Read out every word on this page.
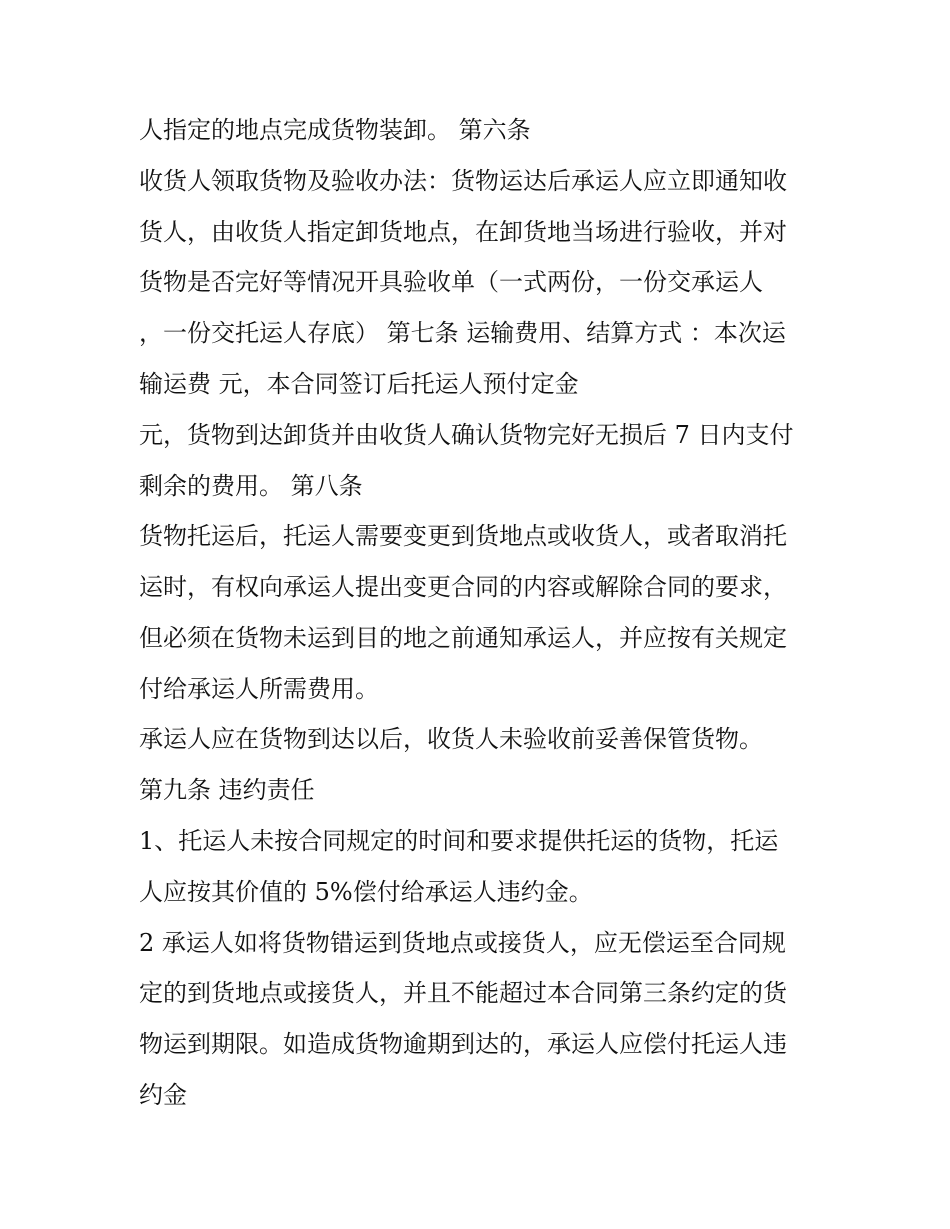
人指定的地点完成货物装卸。 第六条

收货人领取货物及验收办法：货物运达后承运人应立即通知收

货人，由收货人指定卸货地点，在卸货地当场进行验收，并对

货物是否完好等情况开具验收单（一式两份，一份交承运人

，一份交托运人存底） 第七条 运输费用、结算方式 ：本次运

输运费 元，本合同签订后托运人预付定金

元，货物到达卸货并由收货人确认货物完好无损后 7 日内支付

剩余的费用。 第八条

货物托运后，托运人需要变更到货地点或收货人，或者取消托

运时，有权向承运人提出变更合同的内容或解除合同的要求，

但必须在货物未运到目的地之前通知承运人，并应按有关规定

付给承运人所需费用。

承运人应在货物到达以后，收货人未验收前妥善保管货物。

第九条 违约责任

1、托运人未按合同规定的时间和要求提供托运的货物，托运

人应按其价值的 5%偿付给承运人违约金。

2 承运人如将货物错运到货地点或接货人，应无偿运至合同规

定的到货地点或接货人，并且不能超过本合同第三条约定的货

物运到期限。如造成货物逾期到达的，承运人应偿付托运人违

约金
